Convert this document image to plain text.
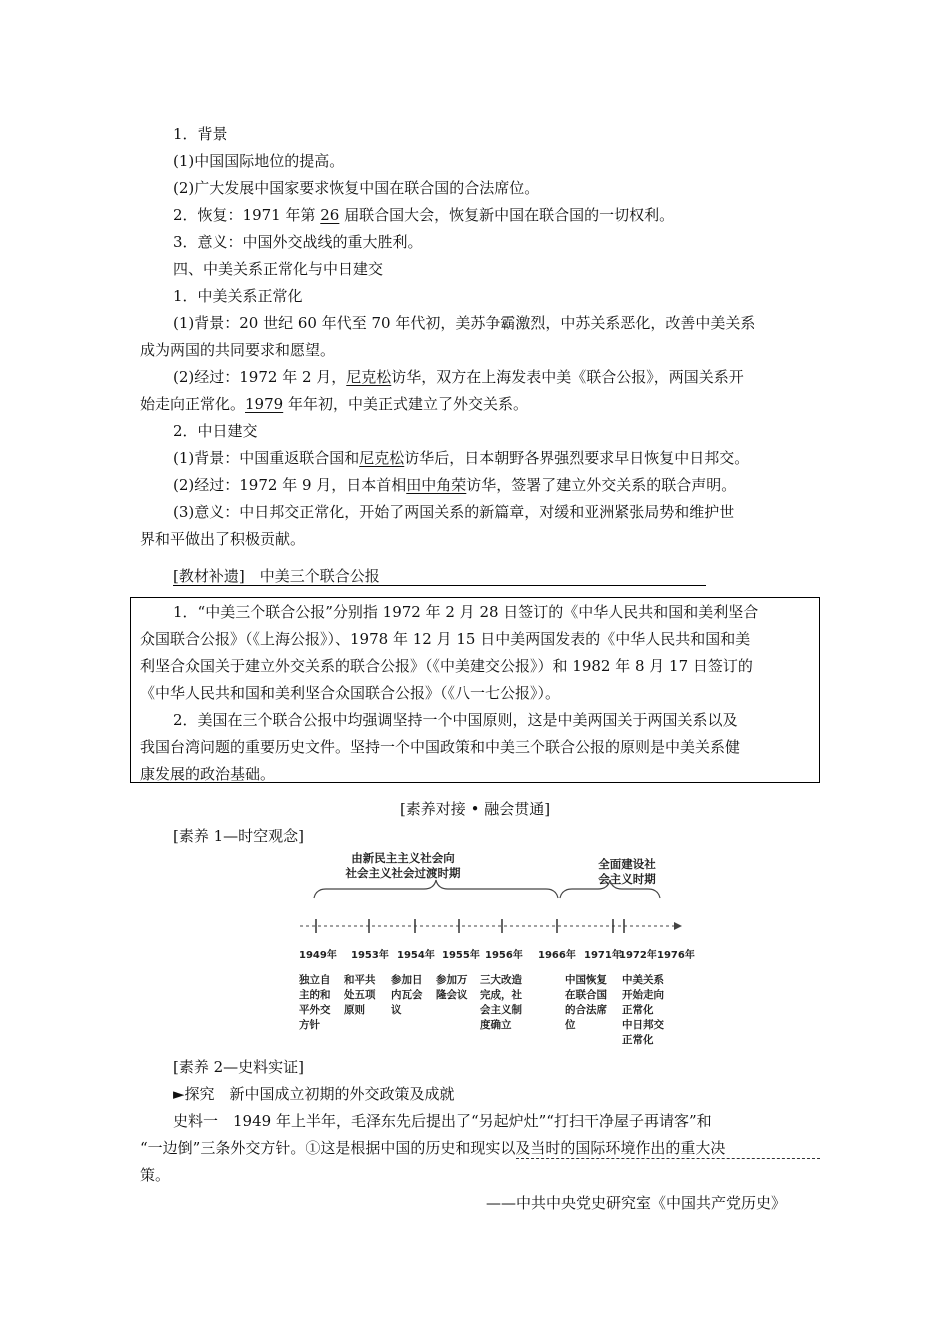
1．背景
(1)中国国际地位的提高。
(2)广大发展中国家要求恢复中国在联合国的合法席位。
2．恢复：1971 年第 26 届联合国大会，恢复新中国在联合国的一切权利。
3．意义：中国外交战线的重大胜利。
四、中美关系正常化与中日建交
1．中美关系正常化
(1)背景：20 世纪 60 年代至 70 年代初，美苏争霸激烈，中苏关系恶化，改善中美关系
成为两国的共同要求和愿望。
(2)经过：1972 年 2 月，尼克松访华，双方在上海发表中美《联合公报》，两国关系开
始走向正常化。1979 年年初，中美正式建立了外交关系。
2．中日建交
(1)背景：中国重返联合国和尼克松访华后，日本朝野各界强烈要求早日恢复中日邦交。
(2)经过：1972 年 9 月，日本首相田中角荣访华，签署了建立外交关系的联合声明。
(3)意义：中日邦交正常化，开始了两国关系的新篇章，对缓和亚洲紧张局势和维护世
界和平做出了积极贡献。
[教材补遗]　中美三个联合公报
1．“中美三个联合公报”分别指 1972 年 2 月 28 日签订的《中华人民共和国和美利坚合
众国联合公报》（《上海公报》）、1978 年 12 月 15 日中美两国发表的《中华人民共和国和美
利坚合众国关于建立外交关系的联合公报》（《中美建交公报》）和 1982 年 8 月 17 日签订的
《中华人民共和国和美利坚合众国联合公报》（《八一七公报》）。
2．美国在三个联合公报中均强调坚持一个中国原则，这是中美两国关于两国关系以及
我国台湾问题的重要历史文件。坚持一个中国政策和中美三个联合公报的原则是中美关系健
康发展的政治基础。
[素养对接 • 融会贯通]
[素养 1—时空观念]
由新民主主义社会向
社会主义社会过渡时期
全面建设社
会主义时期
1949年 1953年 1954年 1955年 1956年 1966年 1971年
1972年 1976年
独立自
主的和
平外交
方针
和平共
处五项
原则
参加日
内瓦会
议
参加万
隆会议
三大改造
完成，社
会主义制
度确立
中国恢复
在联合国
的合法席
位
中美关系
开始走向
正常化
中日邦交
正常化
[素养 2—史料实证]
►探究　新中国成立初期的外交政策及成就
史料一　1949 年上半年，毛泽东先后提出了“另起炉灶”“打扫干净屋子再请客”和
“一边倒”三条外交方针。①这是根据中国的历史和现实以及当时的国际环境作出的重大决
策。
——中共中央党史研究室《中国共产党历史》
